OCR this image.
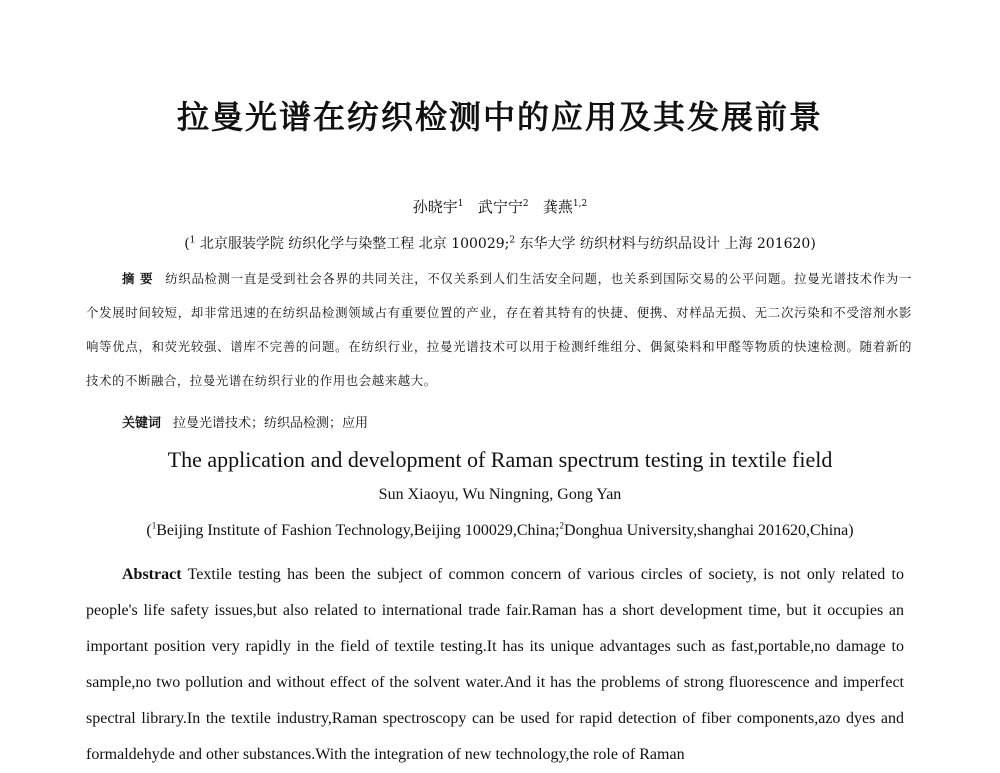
拉曼光谱在纺织检测中的应用及其发展前景
孙晓宇$^1$ 武宁宁$^2$ 龚燕$^{1,2}$
($^1$ 北京服装学院 纺织化学与染整工程 北京 100029;$^2$ 东华大学 纺织材料与纺织品设计 上海 201620)

摘 要 纺织品检测一直是受到社会各界的共同关注，不仅关系到人们生活安全问题，也关系到国际交易的公平问题。拉曼光谱技术作为一个发展时间较短，却非常迅速的在纺织品检测领域占有重要位置的产业，存在着其特有的快捷、便携、对样品无损、无二次污染和不受溶剂水影响等优点，和荧光较强、谱库不完善的问题。在纺织行业，拉曼光谱技术可以用于检测纤维组分、偶氮染料和甲醛等物质的快速检测。随着新的技术的不断融合，拉曼光谱在纺织行业的作用也会越来越大。

关键词 拉曼光谱技术；纺织品检测；应用
The application and development of Raman spectrum testing in textile field
Sun Xiaoyu, Wu Ningning, Gong Yan
($^1$Beijing Institute of Fashion Technology,Beijing 100029,China;$^2$Donghua University,shanghai 201620,China)

Abstract Textile testing has been the subject of common concern of various circles of society, is not only related to people's life safety issues,but also related to international trade fair.Raman has a short development time, but it occupies an important position very rapidly in the field of textile testing.It has its unique advantages such as fast,portable,no damage to sample,no two pollution and without effect of the solvent water.And it has the problems of strong fluorescence and imperfect spectral library.In the textile industry,Raman spectroscopy can be used for rapid detection of fiber components,azo dyes and formaldehyde and other substances.With the integration of new technology,the role of Raman
